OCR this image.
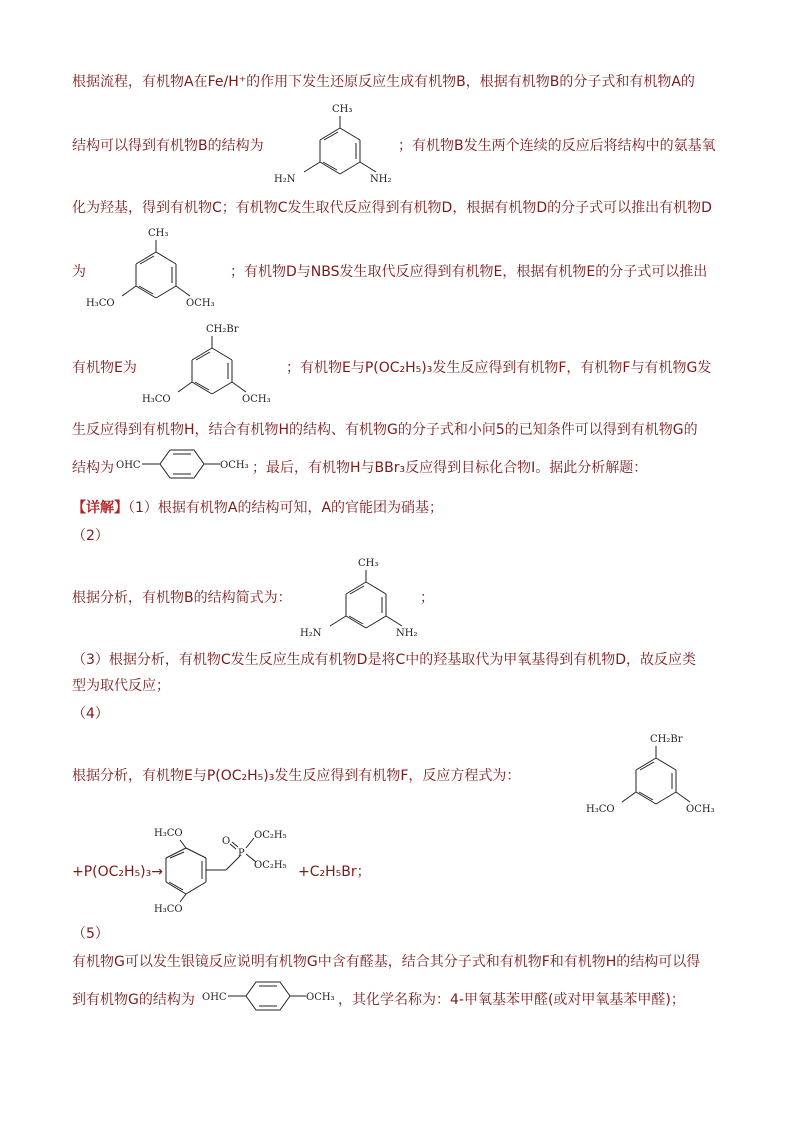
根据流程，有机物A在Fe/H⁺的作用下发生还原反应生成有机物B，根据有机物B的分子式和有机物A的
结构可以得到有机物B的结构为	；有机物B发生两个连续的反应后将结构中的氨基氧
CH₃
H₂N	NH₂
化为羟基，得到有机物C；有机物C发生取代反应得到有机物D，根据有机物D的分子式可以推出有机物D
为	；有机物D与NBS发生取代反应得到有机物E，根据有机物E的分子式可以推出
CH₃
H₃CO	OCH₃
有机物E为	；有机物E与P(OC₂H₅)₃发生反应得到有机物F，有机物F与有机物G发
CH₂Br
H₃CO	OCH₃
生反应得到有机物H，结合有机物H的结构、有机物G的分子式和小问5的已知条件可以得到有机物G的
结构为 OHC	OCH₃ ；最后，有机物H与BBr₃反应得到目标化合物I。据此分析解题：
【详解】（1）根据有机物A的结构可知，A的官能团为硝基；
（2）
根据分析，有机物B的结构简式为：
CH₃
H₂N	NH₂
；
（3）根据分析，有机物C发生反应生成有机物D是将C中的羟基取代为甲氧基得到有机物D，故反应类
型为取代反应；
（4）
根据分析，有机物E与P(OC₂H₅)₃发生反应得到有机物F，反应方程式为：
CH₂Br
H₃CO	OCH₃
+P(OC₂H₅)₃→
H₃CO
H₃CO
P
O
OC₂H₅
OC₂H₅ +C₂H₅Br；
（5）
有机物G可以发生银镜反应说明有机物G中含有醛基，结合其分子式和有机物F和有机物H的结构可以得
到有机物G的结构为 OHC	OCH₃ ，其化学名称为：4-甲氧基苯甲醛(或对甲氧基苯甲醛)；
